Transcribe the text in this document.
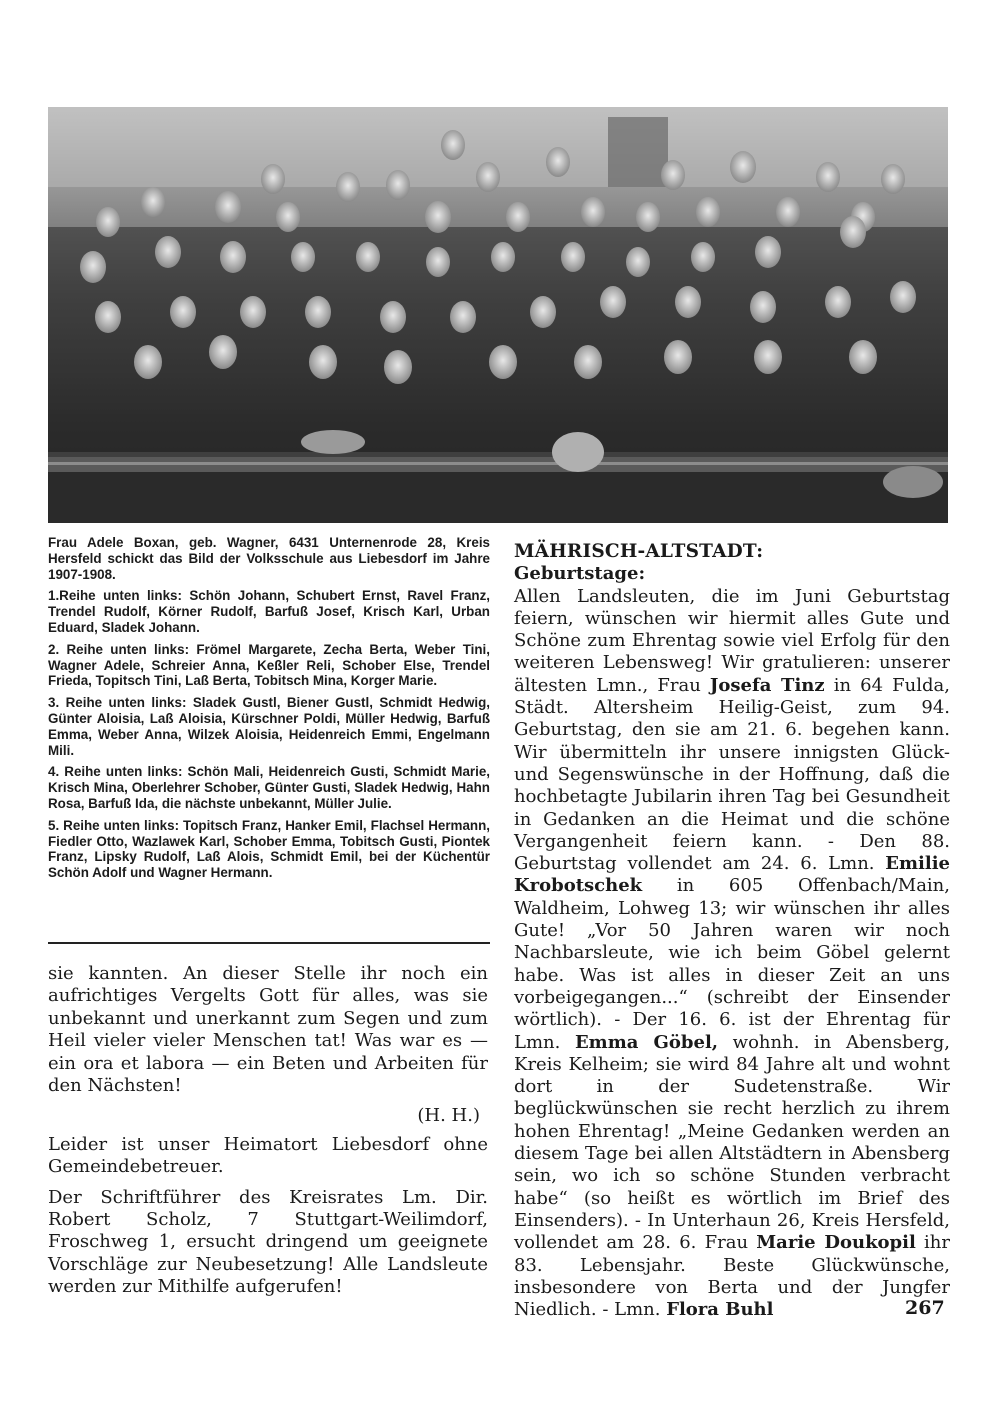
Frau Adele Boxan, geb. Wagner, 6431 Unternenrode 28, Kreis Hersfeld schickt das Bild der Volksschule aus Liebesdorf im Jahre 1907-1908.

1.Reihe unten links: Schön Johann, Schubert Ernst, Ravel Franz, Trendel Rudolf, Körner Rudolf, Barfuß Josef, Krisch Karl, Urban Eduard, Sladek Johann.

2. Reihe unten links: Frömel Margarete, Zecha Berta, Weber Tini, Wagner Adele, Schreier Anna, Keßler Reli, Schober Else, Trendel Frieda, Topitsch Tini, Laß Berta, Tobitsch Mina, Korger Marie.

3. Reihe unten links: Sladek Gustl, Biener Gustl, Schmidt Hedwig, Günter Aloisia, Laß Aloisia, Kürschner Poldi, Müller Hedwig, Barfuß Emma, Weber Anna, Wilzek Aloisia, Heidenreich Emmi, Engelmann Mili.

4. Reihe unten links: Schön Mali, Heidenreich Gusti, Schmidt Marie, Krisch Mina, Oberlehrer Schober, Günter Gusti, Sladek Hedwig, Hahn Rosa, Barfuß Ida, die nächste unbekannt, Müller Julie.

5. Reihe unten links: Topitsch Franz, Hanker Emil, Flachsel Hermann, Fiedler Otto, Wazlawek Karl, Schober Emma, Tobitsch Gusti, Piontek Franz, Lipsky Rudolf, Laß Alois, Schmidt Emil, bei der Küchentür Schön Adolf und Wagner Hermann.

sie kannten. An dieser Stelle ihr noch ein aufrichtiges Vergelts Gott für alles, was sie unbekannt und unerkannt zum Segen und zum Heil vieler vieler Menschen tat! Was war es — ein ora et labora — ein Beten und Arbeiten für den Nächsten!

(H. H.)

Leider ist unser Heimatort Liebesdorf ohne Gemeindebetreuer.

Der Schriftführer des Kreisrates Lm. Dir. Robert Scholz, 7 Stuttgart-Weilimdorf, Froschweg 1, ersucht dringend um geeignete Vorschläge zur Neubesetzung! Alle Landsleute werden zur Mithilfe aufgerufen!

MÄHRISCH-ALTSTADT:

Geburtstage:

Allen Landsleuten, die im Juni Geburtstag feiern, wünschen wir hiermit alles Gute und Schöne zum Ehrentag sowie viel Erfolg für den weiteren Lebensweg! Wir gratulieren: unserer ältesten Lmn., Frau Josefa Tinz in 64 Fulda, Städt. Altersheim Heilig-Geist, zum 94. Geburtstag, den sie am 21. 6. begehen kann. Wir übermitteln ihr unsere innigsten Glück- und Segenswünsche in der Hoffnung, daß die hochbetagte Jubilarin ihren Tag bei Gesundheit in Gedanken an die Heimat und die schöne Vergangenheit feiern kann. - Den 88. Geburtstag vollendet am 24. 6. Lmn. Emilie Krobotschek in 605 Offenbach/Main, Waldheim, Lohweg 13; wir wünschen ihr alles Gute! „Vor 50 Jahren waren wir noch Nachbarsleute, wie ich beim Göbel gelernt habe. Was ist alles in dieser Zeit an uns vorbeigegangen...“ (schreibt der Einsender wörtlich). - Der 16. 6. ist der Ehrentag für Lmn. Emma Göbel, wohnh. in Abensberg, Kreis Kelheim; sie wird 84 Jahre alt und wohnt dort in der Sudetenstraße. Wir beglückwünschen sie recht herzlich zu ihrem hohen Ehrentag! „Meine Gedanken werden an diesem Tage bei allen Altstädtern in Abensberg sein, wo ich so schöne Stunden verbracht habe“ (so heißt es wörtlich im Brief des Einsenders). - In Unterhaun 26, Kreis Hersfeld, vollendet am 28. 6. Frau Marie Doukopil ihr 83. Lebensjahr. Beste Glückwünsche, insbesondere von Berta und der Jungfer Niedlich. - Lmn. Flora Buhl	267
